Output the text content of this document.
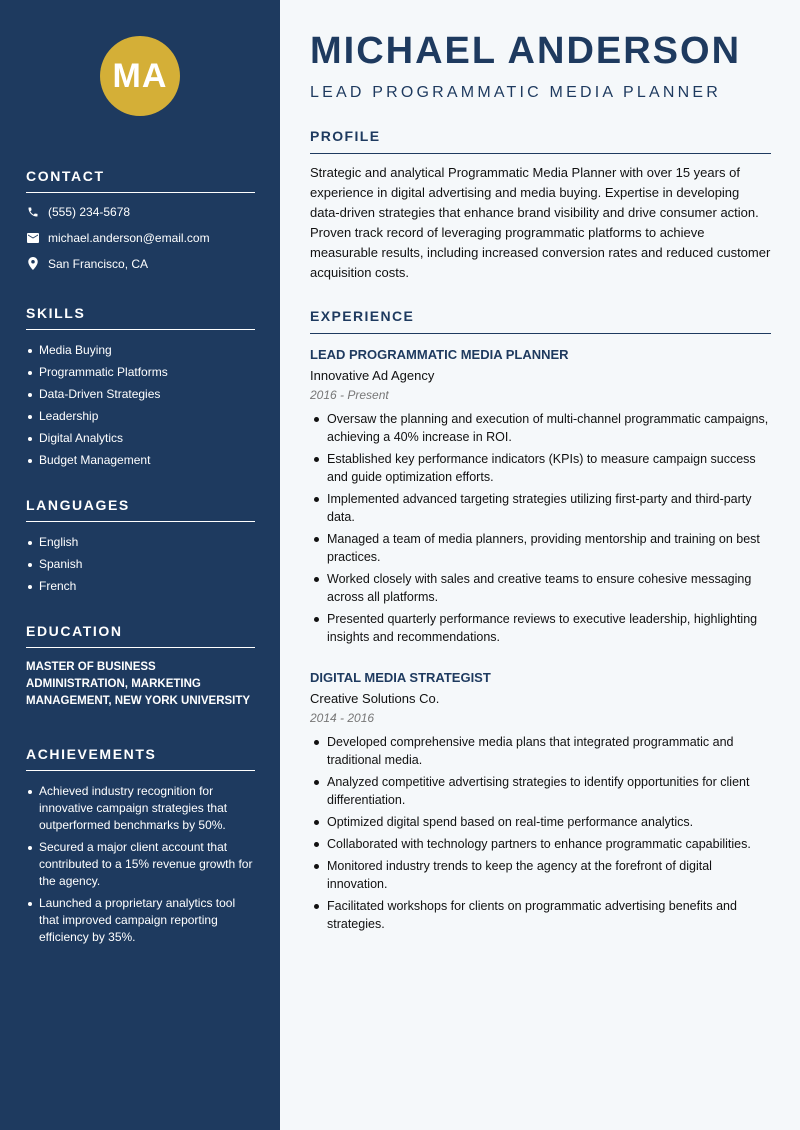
MA
CONTACT
(555) 234-5678
michael.anderson@email.com
San Francisco, CA
SKILLS
Media Buying
Programmatic Platforms
Data-Driven Strategies
Leadership
Digital Analytics
Budget Management
LANGUAGES
English
Spanish
French
EDUCATION
MASTER OF BUSINESS ADMINISTRATION, MARKETING MANAGEMENT, NEW YORK UNIVERSITY
ACHIEVEMENTS
Achieved industry recognition for innovative campaign strategies that outperformed benchmarks by 50%.
Secured a major client account that contributed to a 15% revenue growth for the agency.
Launched a proprietary analytics tool that improved campaign reporting efficiency by 35%.
MICHAEL ANDERSON
LEAD PROGRAMMATIC MEDIA PLANNER
PROFILE
Strategic and analytical Programmatic Media Planner with over 15 years of experience in digital advertising and media buying. Expertise in developing data-driven strategies that enhance brand visibility and drive consumer action. Proven track record of leveraging programmatic platforms to achieve measurable results, including increased conversion rates and reduced customer acquisition costs.
EXPERIENCE
LEAD PROGRAMMATIC MEDIA PLANNER
Innovative Ad Agency
2016 - Present
Oversaw the planning and execution of multi-channel programmatic campaigns, achieving a 40% increase in ROI.
Established key performance indicators (KPIs) to measure campaign success and guide optimization efforts.
Implemented advanced targeting strategies utilizing first-party and third-party data.
Managed a team of media planners, providing mentorship and training on best practices.
Worked closely with sales and creative teams to ensure cohesive messaging across all platforms.
Presented quarterly performance reviews to executive leadership, highlighting insights and recommendations.
DIGITAL MEDIA STRATEGIST
Creative Solutions Co.
2014 - 2016
Developed comprehensive media plans that integrated programmatic and traditional media.
Analyzed competitive advertising strategies to identify opportunities for client differentiation.
Optimized digital spend based on real-time performance analytics.
Collaborated with technology partners to enhance programmatic capabilities.
Monitored industry trends to keep the agency at the forefront of digital innovation.
Facilitated workshops for clients on programmatic advertising benefits and strategies.
